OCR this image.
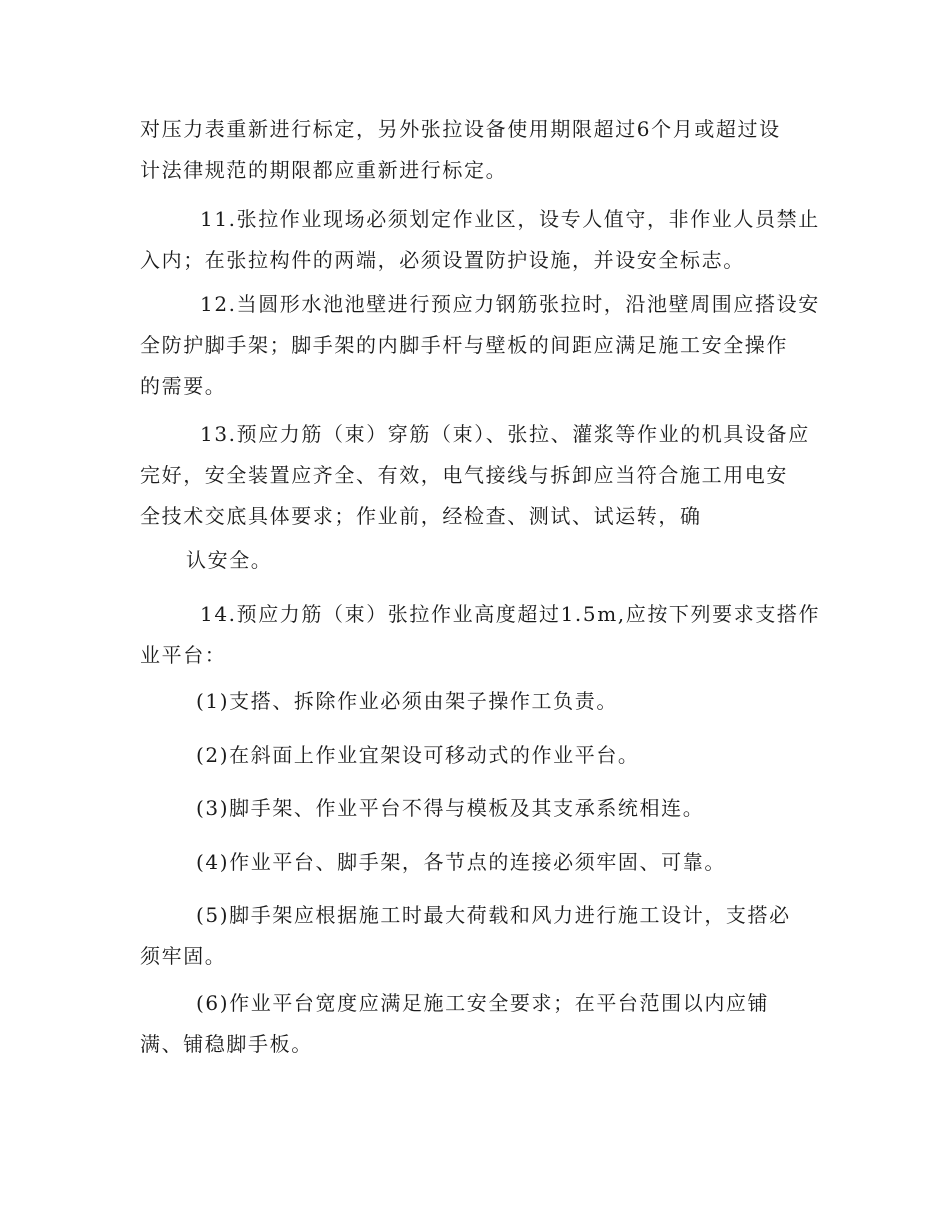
对压力表重新进行标定，另外张拉设备使用期限超过6个月或超过设
计法律规范的期限都应重新进行标定。
11.张拉作业现场必须划定作业区，设专人值守，非作业人员禁止
入内；在张拉构件的两端，必须设置防护设施，并设安全标志。
12.当圆形水池池壁进行预应力钢筋张拉时，沿池壁周围应搭设安
全防护脚手架；脚手架的内脚手杆与壁板的间距应满足施工安全操作
的需要。
13.预应力筋（束）穿筋（束）、张拉、灌浆等作业的机具设备应
完好，安全装置应齐全、有效，电气接线与拆卸应当符合施工用电安
全技术交底具体要求；作业前，经检查、测试、试运转，确
认安全。
14.预应力筋（束）张拉作业高度超过1.5m,应按下列要求支搭作
业平台：
(1)支搭、拆除作业必须由架子操作工负责。
(2)在斜面上作业宜架设可移动式的作业平台。
(3)脚手架、作业平台不得与模板及其支承系统相连。
(4)作业平台、脚手架，各节点的连接必须牢固、可靠。
(5)脚手架应根据施工时最大荷载和风力进行施工设计，支搭必
须牢固。
(6)作业平台宽度应满足施工安全要求；在平台范围以内应铺
满、铺稳脚手板。
